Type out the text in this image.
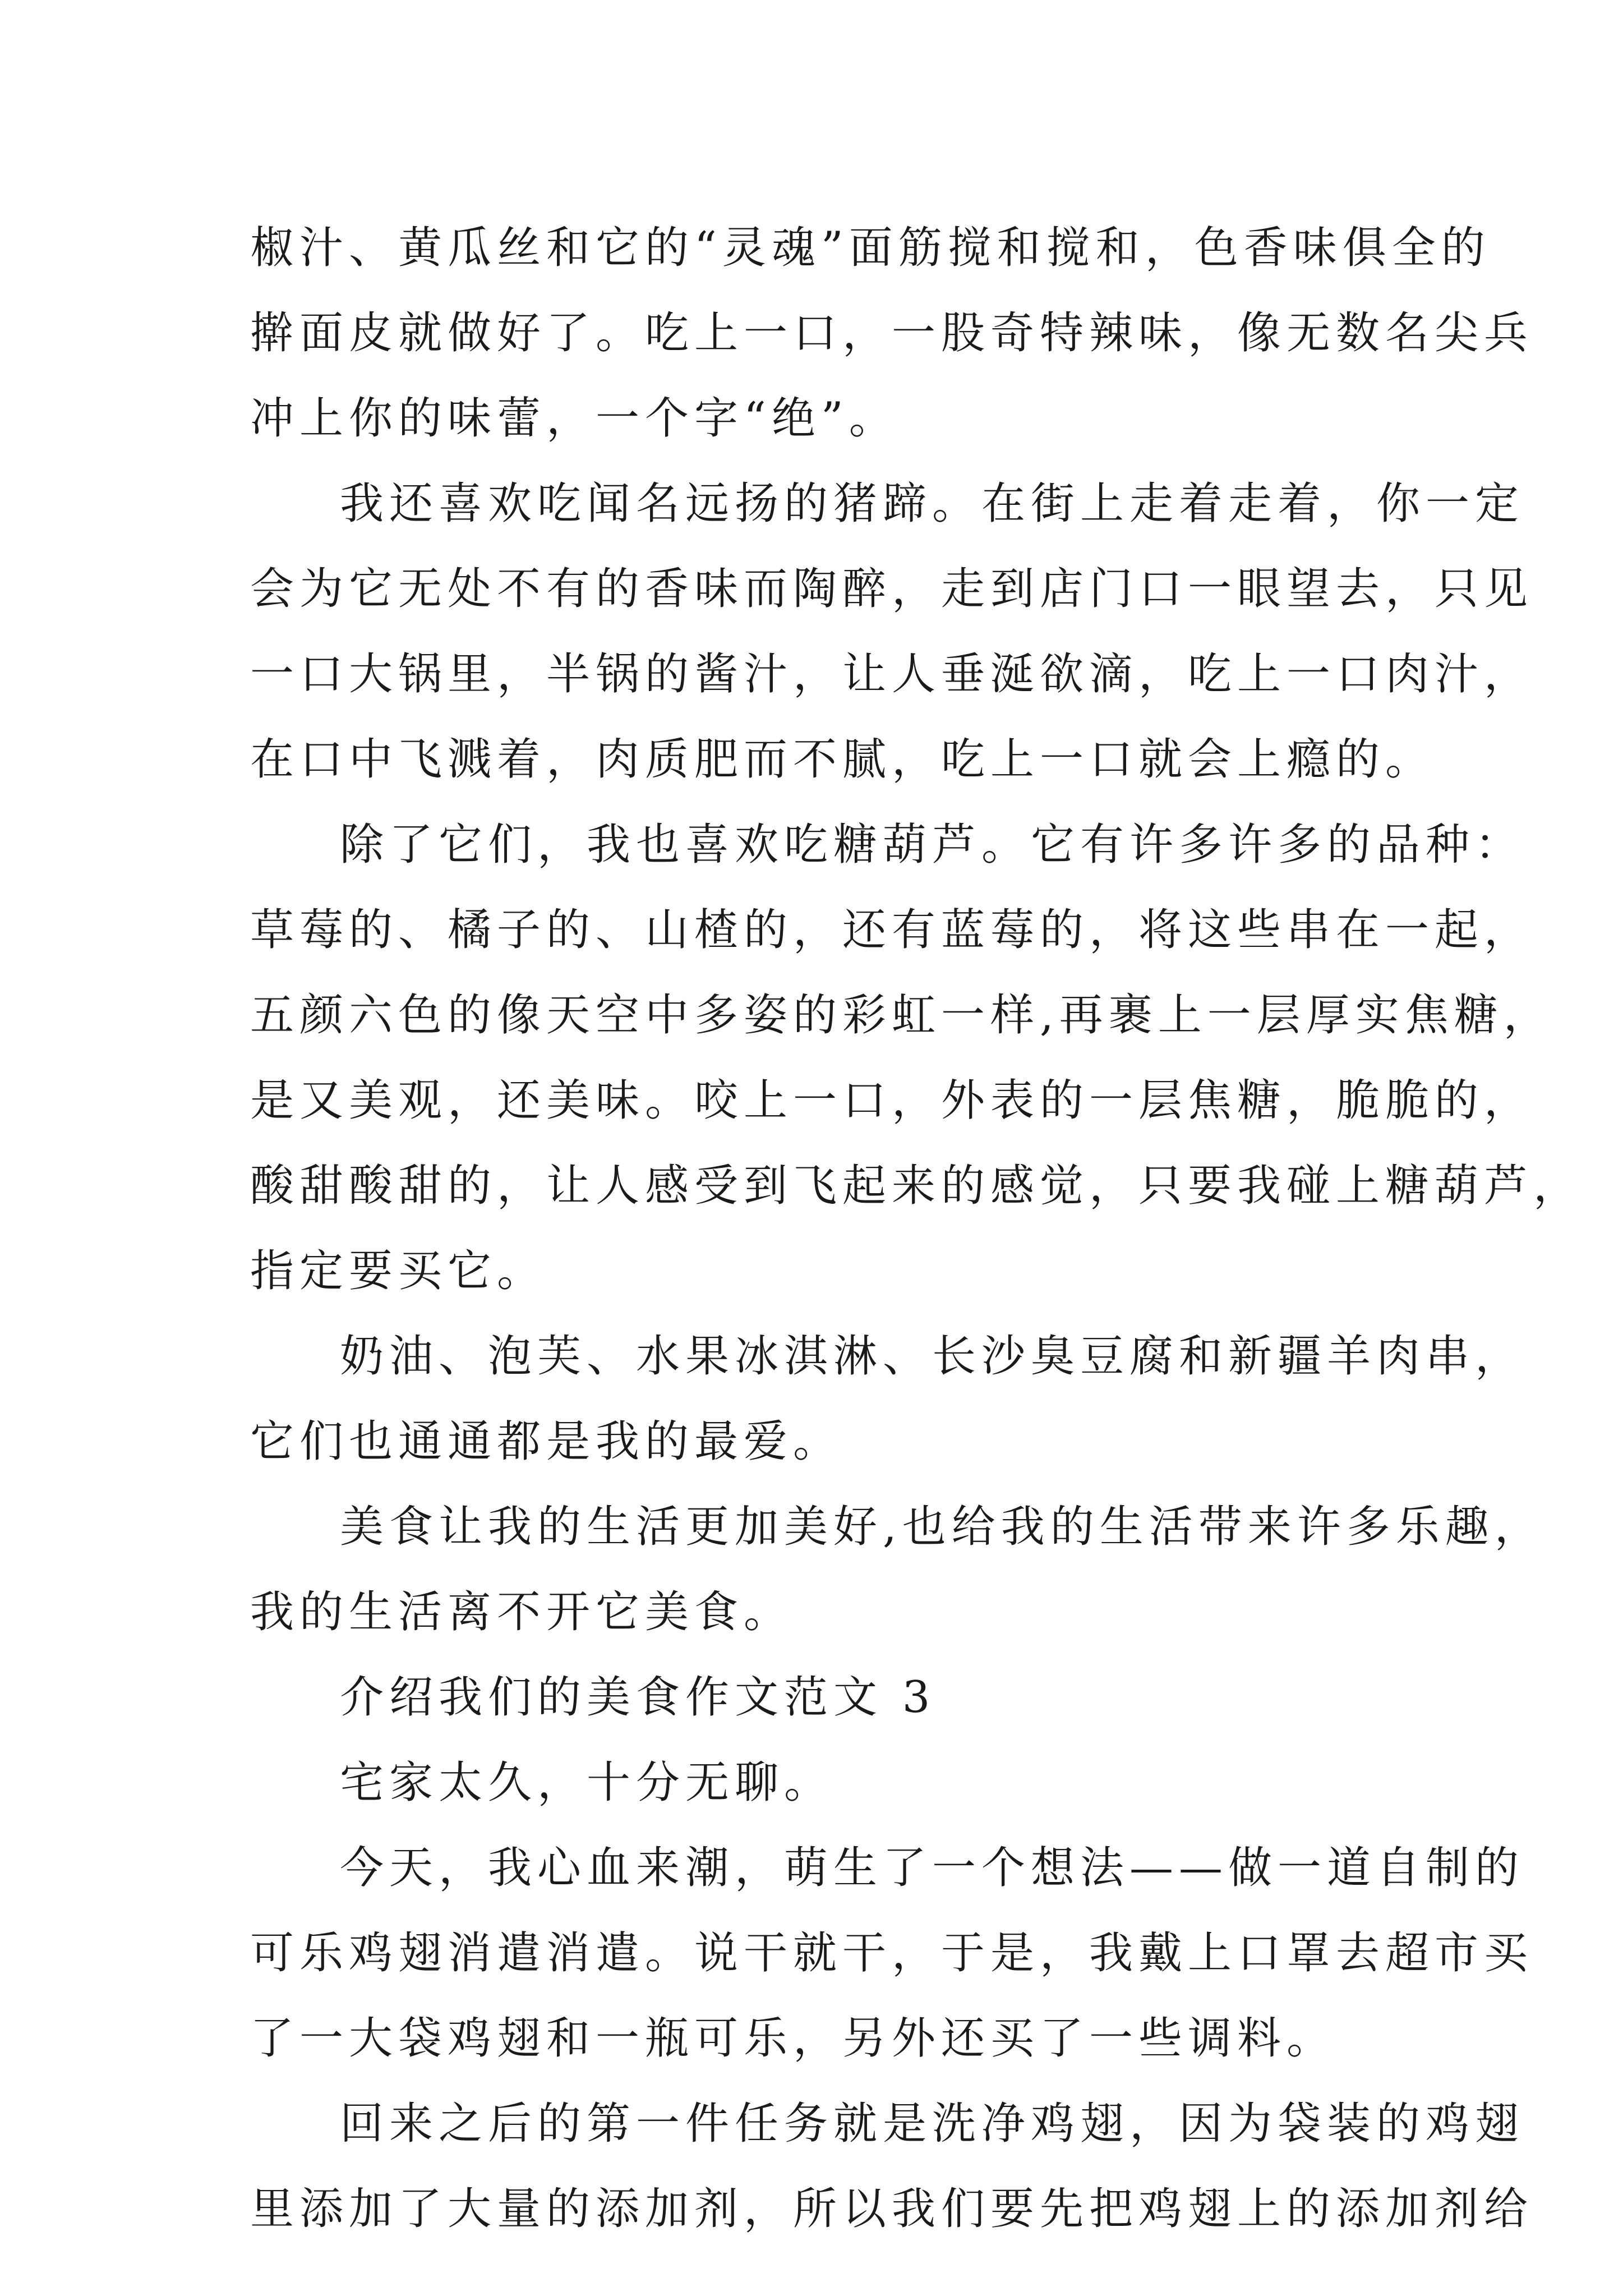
椒汁、黄瓜丝和它的“灵魂”面筋搅和搅和，色香味俱全的
擀面皮就做好了。吃上一口，一股奇特辣味，像无数名尖兵
冲上你的味蕾，一个字“绝”。
我还喜欢吃闻名远扬的猪蹄。在街上走着走着，你一定
会为它无处不有的香味而陶醉，走到店门口一眼望去，只见
一口大锅里，半锅的酱汁，让人垂涎欲滴，吃上一口肉汁，
在口中飞溅着，肉质肥而不腻，吃上一口就会上瘾的。
除了它们，我也喜欢吃糖葫芦。它有许多许多的品种：
草莓的、橘子的、山楂的，还有蓝莓的，将这些串在一起，
五颜六色的像天空中多姿的彩虹一样,再裹上一层厚实焦糖，
是又美观，还美味。咬上一口，外表的一层焦糖，脆脆的，
酸甜酸甜的，让人感受到飞起来的感觉，只要我碰上糖葫芦，
指定要买它。
奶油、泡芙、水果冰淇淋、长沙臭豆腐和新疆羊肉串，
它们也通通都是我的最爱。
美食让我的生活更加美好,也给我的生活带来许多乐趣，
我的生活离不开它美食。
介绍我们的美食作文范文 3
宅家太久，十分无聊。
今天，我心血来潮，萌生了一个想法——做一道自制的
可乐鸡翅消遣消遣。说干就干，于是，我戴上口罩去超市买
了一大袋鸡翅和一瓶可乐，另外还买了一些调料。
回来之后的第一件任务就是洗净鸡翅，因为袋装的鸡翅
里添加了大量的添加剂，所以我们要先把鸡翅上的添加剂给
